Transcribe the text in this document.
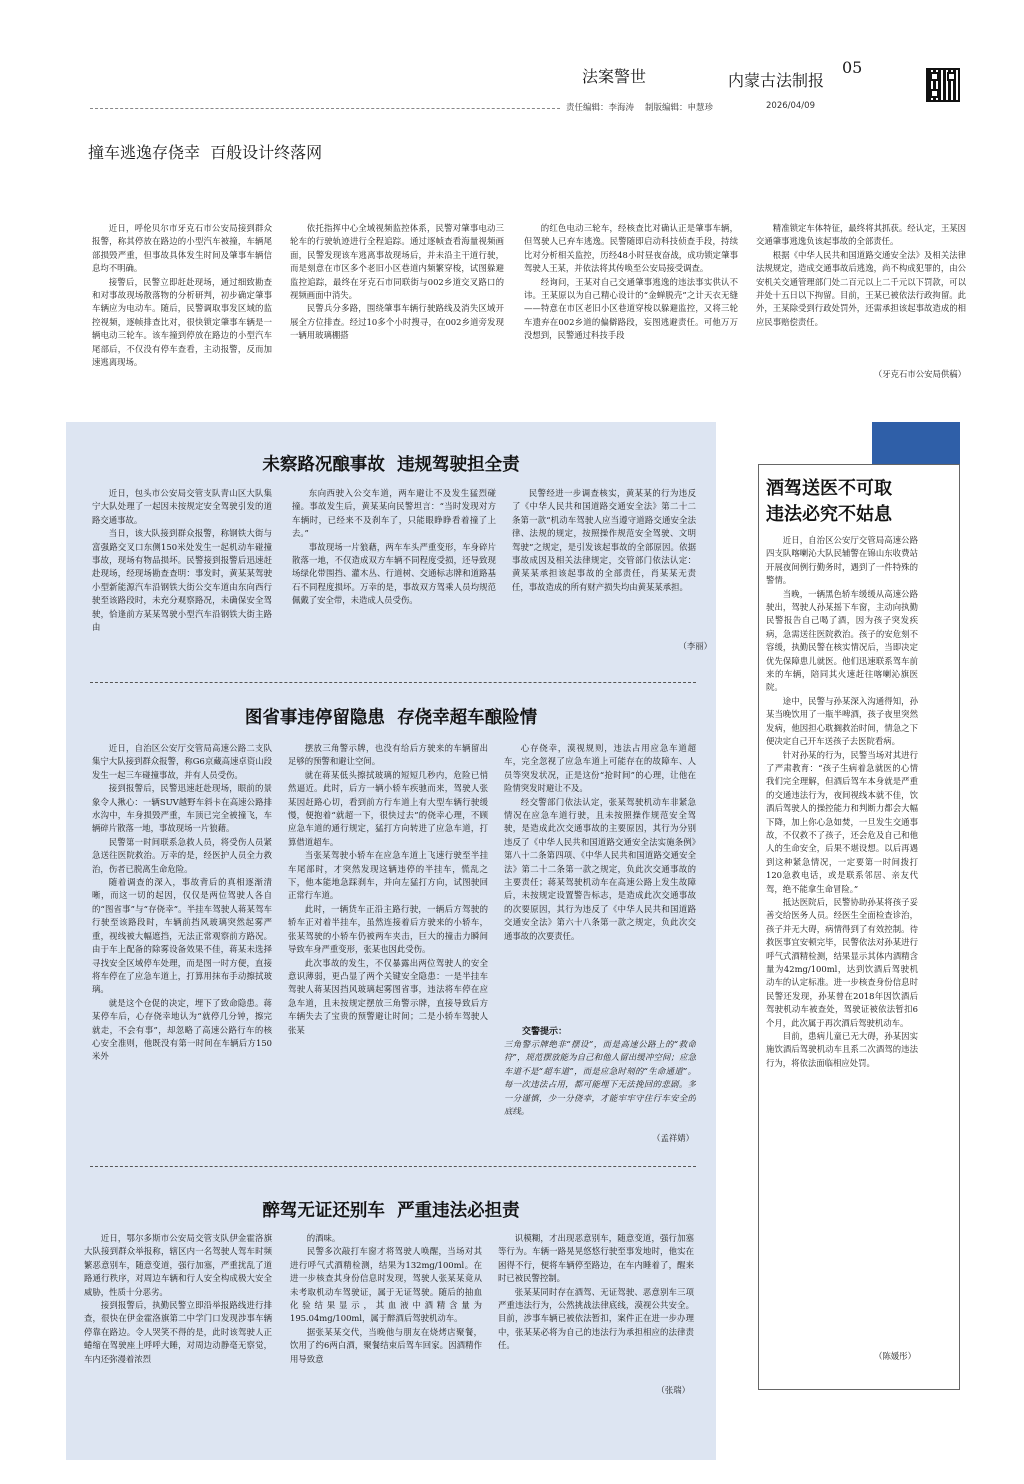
法案警世	内蒙古法制报
05
责任编辑：李海涛 制版编辑：申慧珍	2026/04/09
撞车逃逸存侥幸  百般设计终落网

近日，呼伦贝尔市牙克石市公安局接到群众报警，称其停放在路边的小型汽车被撞，车辆尾部损毁严重，但事故具体发生时间及肇事车辆信息均不明确。

接警后，民警立即赶赴现场，通过细致勘查和对事故现场散落物的分析研判，初步确定肇事车辆应为电动车。随后，民警调取事发区域的监控视频，逐帧排查比对，很快锁定肇事车辆是一辆电动三轮车。该车撞到停放在路边的小型汽车尾部后，不仅没有停车查看，主动报警，反而加速逃离现场。

依托指挥中心全域视频监控体系，民警对肇事电动三轮车的行驶轨迹进行全程追踪。通过逐帧查看海量视频画面，民警发现该车逃离事故现场后，并未沿主干道行驶，而是刻意在市区多个老旧小区巷道内频繁穿梭，试图躲避监控追踪，最终在牙克石市同联街与002乡道交叉路口的视频画面中消失。

民警兵分多路，围绕肇事车辆行驶路线及消失区域开展全方位排查。经过10多个小时搜寻，在002乡道旁发现一辆用玻璃棚搭

的红色电动三轮车，经核查比对确认正是肇事车辆，但驾驶人已弃车逃逸。民警随即启动科技侦查手段，持续比对分析相关监控，历经48小时昼夜奋战，成功锁定肇事驾驶人王某，并依法将其传唤至公安局接受调查。

经询问，王某对自己交通肇事逃逸的违法事实供认不讳。王某原以为自己精心设计的“金蝉脱壳”之计天衣无缝——特意在市区老旧小区巷道穿梭以躲避监控，又将三轮车遗弃在002乡道的偏僻路段，妄图逃避责任。可他万万没想到，民警通过科技手段

精准锁定车体特征，最终将其抓获。经认定，王某因交通肇事逃逸负该起事故的全部责任。

根据《中华人民共和国道路交通安全法》及相关法律法规规定，造成交通事故后逃逸，尚不构成犯罪的，由公安机关交通管理部门处二百元以上二千元以下罚款，可以并处十五日以下拘留。目前，王某已被依法行政拘留。此外，王某除受到行政处罚外，还需承担该起事故造成的相应民事赔偿责任。

（牙克石市公安局供稿）
未察路况酿事故  违规驾驶担全责

近日，包头市公安局交管支队青山区大队集宁大队处理了一起因未按规定安全驾驶引发的道路交通事故。

当日，该大队接到群众报警，称钢铁大街与富强路交叉口东侧150米处发生一起机动车碰撞事故，现场有物品损坏。民警接到报警后迅速赶赴现场，经现场勘查查明：事发时，黄某某驾驶小型新能源汽车沿钢铁大街公交车道由东向西行驶至该路段时，未充分观察路况，未确保安全驾驶，恰逢前方某某驾驶小型汽车沿钢铁大街主路由

东向西驶入公交车道，两车避让不及发生猛烈碰撞。事故发生后，黄某某向民警坦言：“当时发现对方车辆时，已经来不及刹车了，只能眼睁睁看着撞了上去。”

事故现场一片狼藉，两车车头严重变形，车身碎片散落一地，不仅造成双方车辆不同程度受损，还导致现场绿化带围挡、灌木丛、行道树、交通标志牌和道路基石不同程度损坏。万幸的是，事故双方驾乘人员均规范佩戴了安全带，未造成人员受伤。

民警经进一步调查核实，黄某某的行为违反了《中华人民共和国道路交通安全法》第二十二条第一款“机动车驾驶人应当遵守道路交通安全法律、法规的规定，按照操作规范安全驾驶、文明驾驶”之规定，是引发该起事故的全部原因。依据事故成因及相关法律规定，交管部门依法认定：黄某某承担该起事故的全部责任，肖某某无责任，事故造成的所有财产损失均由黄某某承担。

（李丽）
图省事违停留隐患  存侥幸超车酿险情

近日，自治区公安厅交管局高速公路二支队集宁大队接到群众报警，称G6京藏高速卓资山段发生一起三车碰撞事故，并有人员受伤。

接到报警后，民警迅速赶赴现场，眼前的景象令人揪心：一辆SUV越野车斜卡在高速公路排水沟中，车身损毁严重，车顶已完全被撞飞，车辆碎片散落一地，事故现场一片狼藉。

民警第一时间联系急救人员，将受伤人员紧急送往医院救治。万幸的是，经医护人员全力救治，伤者已脱离生命危险。

随着调查的深入，事故背后的真相逐渐清晰，而这一切的起因，仅仅是两位驾驶人各自的“图省事”与“存侥幸”。半挂车驾驶人蒋某驾车行驶至该路段时，车辆前挡风玻璃突然起雾严重，视线被大幅遮挡，无法正常观察前方路况。由于车上配备的除雾设备效果不佳，蒋某未选择寻找安全区域停车处理，而是图一时方便，直接将车停在了应急车道上，打算用抹布手动擦拭玻璃。

就是这个仓促的决定，埋下了致命隐患。蒋某停车后，心存侥幸地认为“就停几分钟，擦完就走，不会有事”，却忽略了高速公路行车的核心安全准则，他既没有第一时间在车辆后方150米外

摆放三角警示牌，也没有给后方驶来的车辆留出足够的预警和避让空间。

就在蒋某低头擦拭玻璃的短短几秒内，危险已悄然逼近。此时，后方一辆小轿车疾驰而来，驾驶人张某因赶路心切，看到前方行车道上有大型车辆行驶缓慢，便抱着“就超一下，很快过去”的侥幸心理，不顾应急车道的通行规定，猛打方向转进了应急车道，打算借道超车。

当张某驾驶小轿车在应急车道上飞速行驶至半挂车尾部时，才突然发现这辆违停的半挂车，慌乱之下，他本能地急踩刹车，并向左猛打方向，试图驶回正常行车道。

此时，一辆货车正沿主路行驶，一辆后方驾驶的轿车正对着半挂车，虽然连接着后方驶来的小轿车，张某驾驶的小轿车仍被两车夹击，巨大的撞击力瞬间导致车身严重变形，张某也因此受伤。

此次事故的发生，不仅暴露出两位驾驶人的安全意识薄弱，更凸显了两个关键安全隐患：一是半挂车驾驶人蒋某因挡风玻璃起雾图省事，违法将车停在应急车道，且未按规定摆放三角警示牌，直接导致后方车辆失去了宝贵的预警避让时间；二是小轿车驾驶人张某

心存侥幸，漠视规则，违法占用应急车道超车，完全忽视了应急车道上可能存在的故障车、人员等突发状况，正是这份“抢时间”的心理，让他在险情突发时避让不及。

经交警部门依法认定，张某驾驶机动车非紧急情况在应急车道行驶，且未按照操作规范安全驾驶，是造成此次交通事故的主要原因，其行为分别违反了《中华人民共和国道路交通安全法实施条例》第八十二条第四项、《中华人民共和国道路交通安全法》第二十二条第一款之规定，负此次交通事故的主要责任；蒋某驾驶机动车在高速公路上发生故障后，未按规定设置警告标志，是造成此次交通事故的次要原因，其行为违反了《中华人民共和国道路交通安全法》第六十八条第一款之规定，负此次交通事故的次要责任。

交警提示：

三角警示牌绝非“摆设”，而是高速公路上的“救命符”，规范摆放能为自己和他人留出缓冲空间；应急车道不是“超车道”，而是应急时刻的“生命通道”。每一次违法占用，都可能埋下无法挽回的悲剧。多一分谨慎，少一分侥幸，才能牢牢守住行车安全的底线。

（孟祥婧）
醉驾无证还别车  严重违法必担责

近日，鄂尔多斯市公安局交管支队伊金霍洛旗大队接到群众举报称，辖区内一名驾驶人驾车时频繁恶意别车，随意变道，强行加塞，严重扰乱了道路通行秩序，对周边车辆和行人安全构成极大安全威胁，性质十分恶劣。

接到报警后，执勤民警立即沿举报路线进行排查，很快在伊金霍洛旗第二中学门口发现涉事车辆停靠在路边。令人哭笑不得的是，此时该驾驶人正蜷缩在驾驶座上呼呼大睡，对周边动静毫无察觉，车内还弥漫着浓烈

的酒味。

民警多次敲打车窗才将驾驶人唤醒，当场对其进行呼气式酒精检测，结果为132mg/100ml。在进一步核查其身份信息时发现，驾驶人张某某竟从未考取机动车驾驶证，属于无证驾驶。随后的抽血化验结果显示，其血液中酒精含量为195.04mg/100ml，属于醉酒后驾驶机动车。

据张某某交代，当晚他与朋友在烧烤店聚餐，饮用了约6两白酒，聚餐结束后驾车回家。因酒精作用导致意

识模糊，才出现恶意别车，随意变道，强行加塞等行为。车辆一路晃晃悠悠行驶至事发地时，他实在困得不行，便将车辆停至路边，在车内睡着了，醒来时已被民警控制。

张某某同时存在酒驾、无证驾驶、恶意别车三项严重违法行为，公然挑战法律底线，漠视公共安全。目前，涉事车辆已被依法暂扣，案件正在进一步办理中，张某某必将为自己的违法行为承担相应的法律责任。

（张瑞）
酒驾送医不可取 违法必究不姑息

近日，自治区公安厅交管局高速公路四支队喀喇沁大队民辅警在锦山东收费站开展夜间例行勤务时，遇到了一件特殊的警情。

当晚，一辆黑色轿车缓缓从高速公路驶出，驾驶人孙某摇下车窗，主动向执勤民警报告自己喝了酒，因为孩子突发疾病，急需送往医院救治。孩子的安危刻不容缓，执勤民警在核实情况后，当即决定优先保障患儿就医。他们迅速联系驾车前来的车辆，陪同其火速赶往喀喇沁旗医院。

途中，民警与孙某深入沟通得知，孙某当晚饮用了一瓶半啤酒，孩子夜里突然发病，他因担心耽搁救治时间，情急之下便决定自己开车送孩子去医院看病。

针对孙某的行为，民警当场对其进行了严肃教育：“孩子生病着急就医的心情我们完全理解，但酒后驾车本身就是严重的交通违法行为，夜间视线本就不佳，饮酒后驾驶人的操控能力和判断力都会大幅下降，加上你心急如焚，一旦发生交通事故，不仅救不了孩子，还会危及自己和他人的生命安全，后果不堪设想。以后再遇到这种紧急情况，一定要第一时间拨打120急救电话，或是联系邻居、亲友代驾，绝不能拿生命冒险。”

抵达医院后，民警协助孙某将孩子妥善交给医务人员。经医生全面检查诊治，孩子并无大碍，病情得到了有效控制。待救医事宜安顿完毕，民警依法对孙某进行呼气式酒精检测，结果显示其体内酒精含量为42mg/100ml，达到饮酒后驾驶机动车的认定标准。进一步核查身份信息时民警还发现，孙某曾在2018年因饮酒后驾驶机动车被查处，驾驶证被依法暂扣6个月，此次属于再次酒后驾驶机动车。

目前，患病儿童已无大碍，孙某因实施饮酒后驾驶机动车且系二次酒驾的违法行为，将依法面临相应处罚。

（陈媛彤）
